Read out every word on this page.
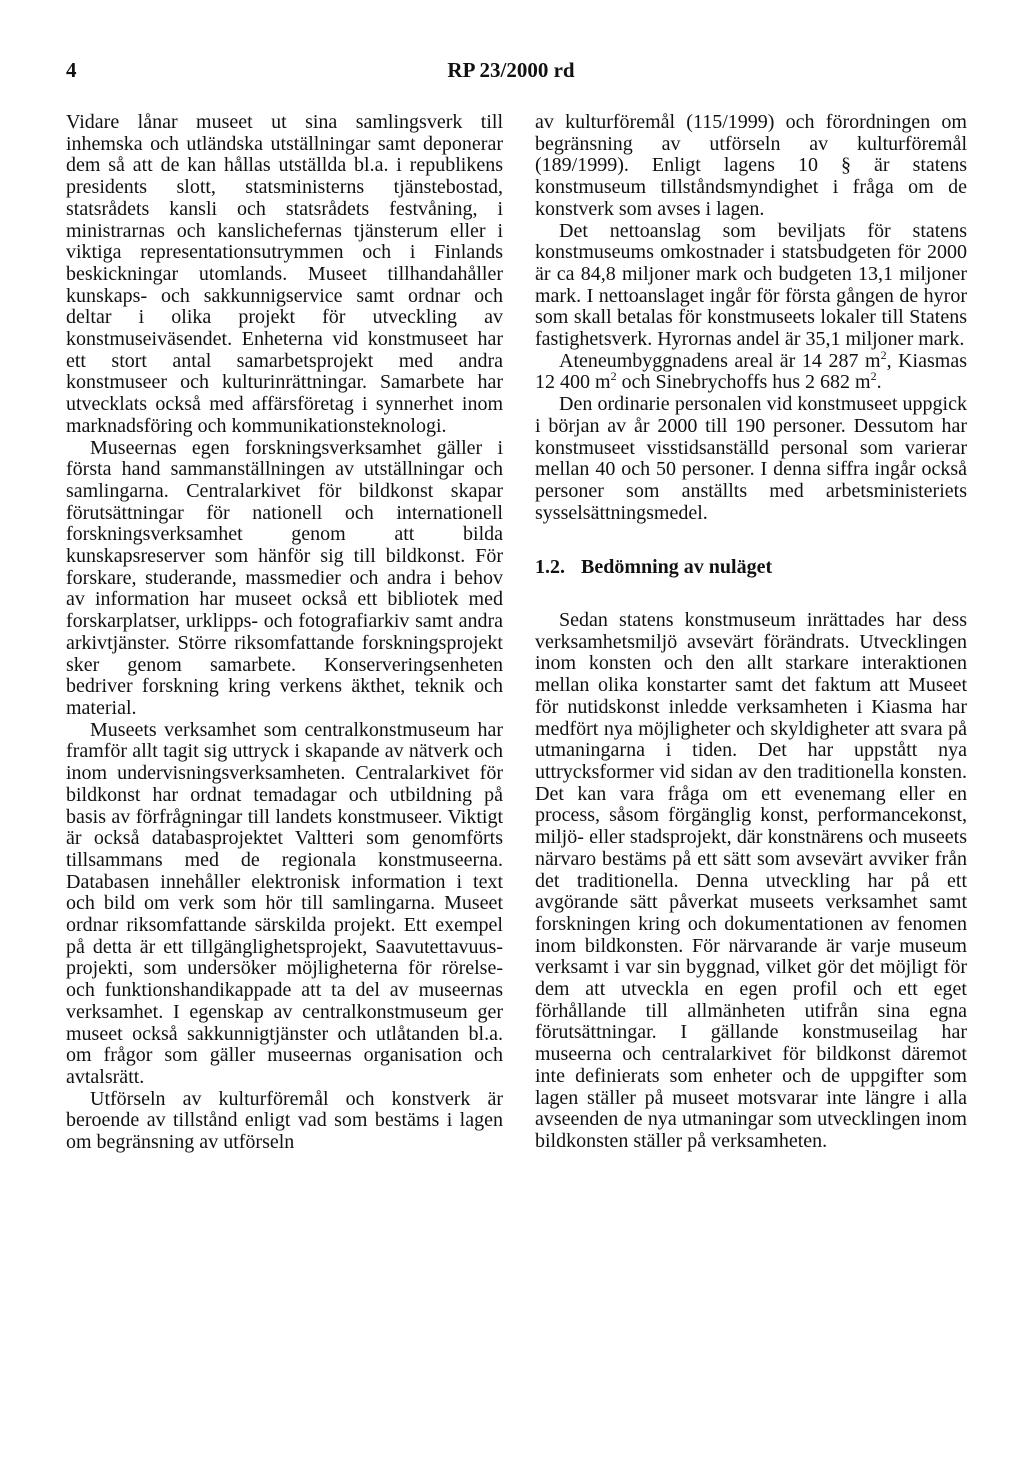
4	RP 23/2000 rd

Vidare lånar museet ut sina samlingsverk till inhemska och utländska utställningar samt deponerar dem så att de kan hållas utställda bl.a. i republikens presidents slott, statsministerns tjänstebostad, statsrådets kansli och statsrådets festvåning, i ministrarnas och kanslichefernas tjänsterum eller i viktiga representationsutrymmen och i Finlands beskickningar utomlands. Museet tillhandahåller kunskaps- och sakkunnigservice samt ordnar och deltar i olika projekt för utveckling av konstmuseiväsendet. Enheterna vid konstmuseet har ett stort antal samarbetsprojekt med andra konstmuseer och kulturinrättningar. Samarbete har utvecklats också med affärsföretag i synnerhet inom marknadsföring och kommunikationsteknologi.

Museernas egen forskningsverksamhet gäller i första hand sammanställningen av utställningar och samlingarna. Centralarkivet för bildkonst skapar förutsättningar för nationell och internationell forskningsverksamhet genom att bilda kunskapsreserver som hänför sig till bildkonst. För forskare, studerande, massmedier och andra i behov av information har museet också ett bibliotek med forskarplatser, urklipps- och fotografiarkiv samt andra arkivtjänster. Större riksomfattande forskningsprojekt sker genom samarbete. Konserveringsenheten bedriver forskning kring verkens äkthet, teknik och material.

Museets verksamhet som centralkonstmuseum har framför allt tagit sig uttryck i skapande av nätverk och inom undervisningsverksamheten. Centralarkivet för bildkonst har ordnat temadagar och utbildning på basis av förfrågningar till landets konstmuseer. Viktigt är också databasprojektet Valtteri som genomförts tillsammans med de regionala konstmuseerna. Databasen innehåller elektronisk information i text och bild om verk som hör till samlingarna. Museet ordnar riksomfattande särskilda projekt. Ett exempel på detta är ett tillgänglighetsprojekt, Saavutettavuus-projekti, som undersöker möjligheterna för rörelse- och funktionshandikappade att ta del av museernas verksamhet. I egenskap av centralkonstmuseum ger museet också sakkunnigtjänster och utlåtanden bl.a. om frågor som gäller museernas organisation och avtalsrätt.

Utförseln av kulturföremål och konstverk är beroende av tillstånd enligt vad som bestäms i lagen om begränsning av utförseln

av kulturföremål (115/1999) och förordningen om begränsning av utförseln av kulturföremål (189/1999). Enligt lagens 10 § är statens konstmuseum tillståndsmyndighet i fråga om de konstverk som avses i lagen.

Det nettoanslag som beviljats för statens konstmuseums omkostnader i statsbudgeten för 2000 är ca 84,8 miljoner mark och budgeten 13,1 miljoner mark. I nettoanslaget ingår för första gången de hyror som skall betalas för konstmuseets lokaler till Statens fastighetsverk. Hyrornas andel är 35,1 miljoner mark.

Ateneumbyggnadens areal är 14 287 $m^2$, Kiasmas 12 400 $m^2$ och Sinebrychoffs hus 2 682 $m^2$.

Den ordinarie personalen vid konstmuseet uppgick i början av år 2000 till 190 personer. Dessutom har konstmuseet visstidsanställd personal som varierar mellan 40 och 50 personer. I denna siffra ingår också personer som anställts med arbetsministeriets sysselsättningsmedel.

1.2. Bedömning av nuläget

Sedan statens konstmuseum inrättades har dess verksamhetsmiljö avsevärt förändrats. Utvecklingen inom konsten och den allt starkare interaktionen mellan olika konstarter samt det faktum att Museet för nutidskonst inledde verksamheten i Kiasma har medfört nya möjligheter och skyldigheter att svara på utmaningarna i tiden. Det har uppstått nya uttrycksformer vid sidan av den traditionella konsten. Det kan vara fråga om ett evenemang eller en process, såsom förgänglig konst, performancekonst, miljö- eller stadsprojekt, där konstnärens och museets närvaro bestäms på ett sätt som avsevärt avviker från det traditionella. Denna utveckling har på ett avgörande sätt påverkat museets verksamhet samt forskningen kring och dokumentationen av fenomen inom bildkonsten. För närvarande är varje museum verksamt i var sin byggnad, vilket gör det möjligt för dem att utveckla en egen profil och ett eget förhållande till allmänheten utifrån sina egna förutsättningar. I gällande konstmuseilag har museerna och centralarkivet för bildkonst däremot inte definierats som enheter och de uppgifter som lagen ställer på museet motsvarar inte längre i alla avseenden de nya utmaningar som utvecklingen inom bildkonsten ställer på verksamheten.
